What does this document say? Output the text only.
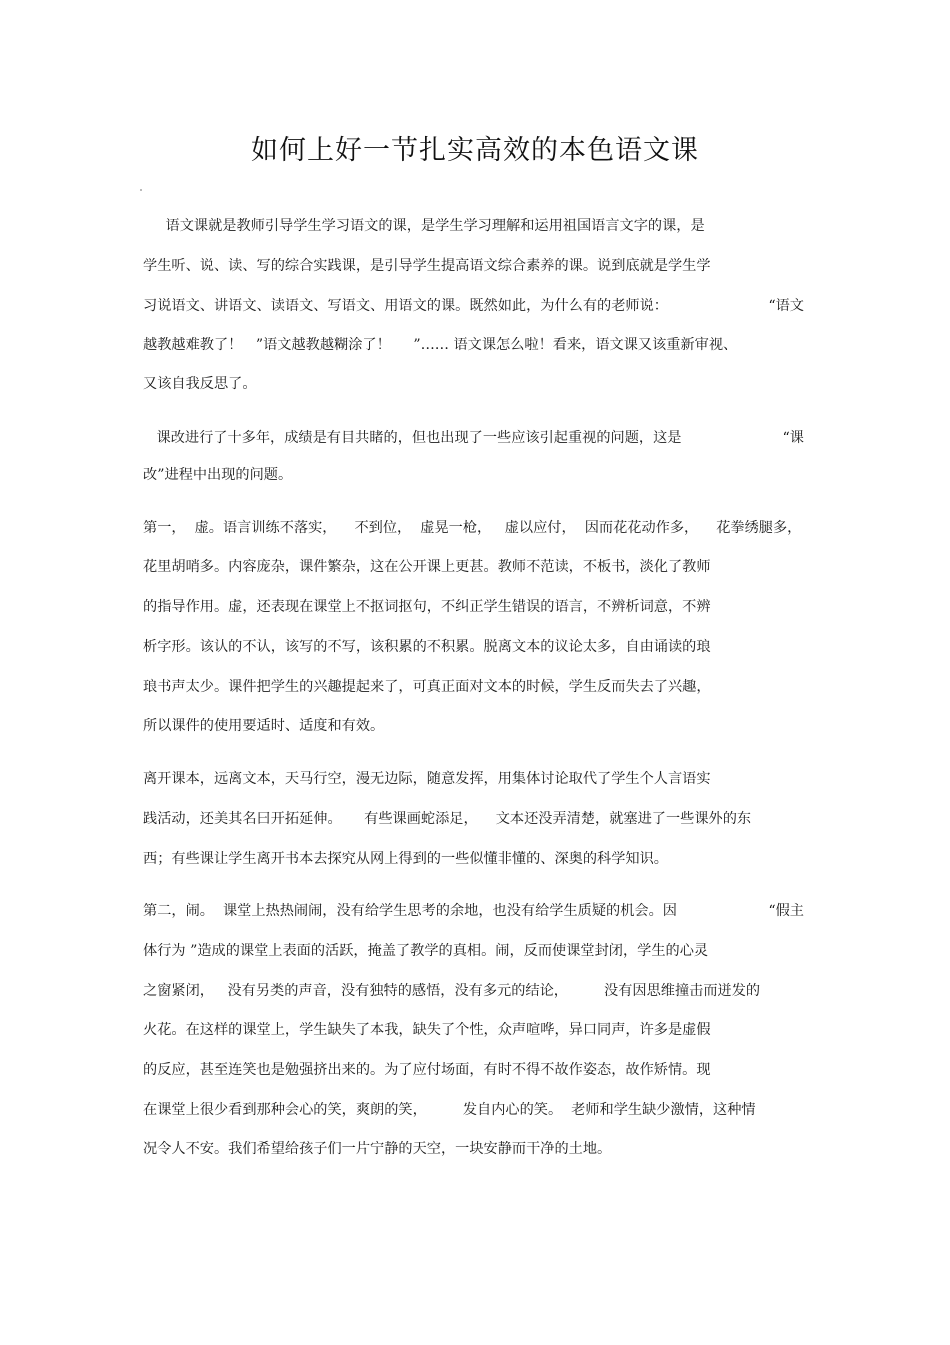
如何上好一节扎实高效的本色语文课
语文课就是教师引导学生学习语文的课，是学生学习理解和运用祖国语言文字的课，是
学生听、说、读、写的综合实践课，是引导学生提高语文综合素养的课。说到底就是学生学
习说语文、讲语文、读语文、写语文、用语文的课。既然如此，为什么有的老师说：	“语文
越教越难教了！   ”语文越教越糊涂了！     ”…… 语文课怎么啦！看来，语文课又该重新审视、
又该自我反思了。
课改进行了十多年，成绩是有目共睹的，但也出现了一些应该引起重视的问题，这是	“课
改”进程中出现的问题。
第一，  虚。语言训练不落实，    不到位，  虚晃一枪，   虚以应付，  因而花花动作多，    花拳绣腿多，
花里胡哨多。内容庞杂，课件繁杂，这在公开课上更甚。教师不范读，不板书，淡化了教师
的指导作用。虚，还表现在课堂上不抠词抠句，不纠正学生错误的语言，不辨析词意，不辨
析字形。该认的不认，该写的不写，该积累的不积累。脱离文本的议论太多，自由诵读的琅
琅书声太少。课件把学生的兴趣提起来了，可真正面对文本的时候，学生反而失去了兴趣，
所以课件的使用要适时、适度和有效。
离开课本，远离文本，天马行空，漫无边际，随意发挥，用集体讨论取代了学生个人言语实
践活动，还美其名曰开拓延伸。     有些课画蛇添足，    文本还没弄清楚，就塞进了一些课外的东
西；有些课让学生离开书本去探究从网上得到的一些似懂非懂的、深奥的科学知识。
第二，闹。  课堂上热热闹闹，没有给学生思考的余地，也没有给学生质疑的机会。因	“假主
体行为 ”造成的课堂上表面的活跃，掩盖了教学的真相。闹，反而使课堂封闭，学生的心灵
之窗紧闭，   没有另类的声音，没有独特的感悟，没有多元的结论，        没有因思维撞击而迸发的
火花。在这样的课堂上，学生缺失了本我，缺失了个性，众声喧哗，异口同声，许多是虚假
的反应，甚至连笑也是勉强挤出来的。为了应付场面，有时不得不故作姿态，故作矫情。现
在课堂上很少看到那种会心的笑，爽朗的笑，        发自内心的笑。  老师和学生缺少激情，这种情
况令人不安。我们希望给孩子们一片宁静的天空，一块安静而干净的土地。
